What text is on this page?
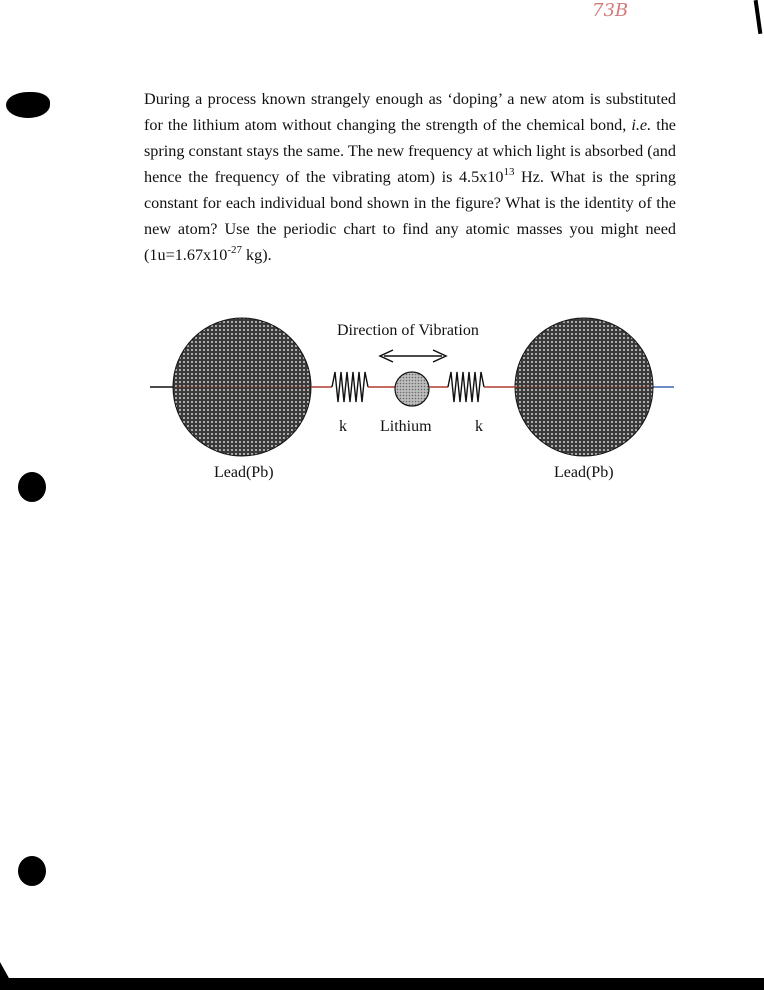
73B

During a process known strangely enough as ‘doping’ a new atom is substituted for the lithium atom without changing the strength of the chemical bond, i.e. the spring constant stays the same. The new frequency at which light is absorbed (and hence the frequency of the vibrating atom) is $4.5x10^{13}$ Hz. What is the spring constant for each individual bond shown in the figure? What is the identity of the new atom? Use the periodic chart to find any atomic masses you might need ($1u=1.67x10^{-27}$ kg).

Direction of Vibration
k Lithium	k
Lead(Pb)	Lead(Pb)
